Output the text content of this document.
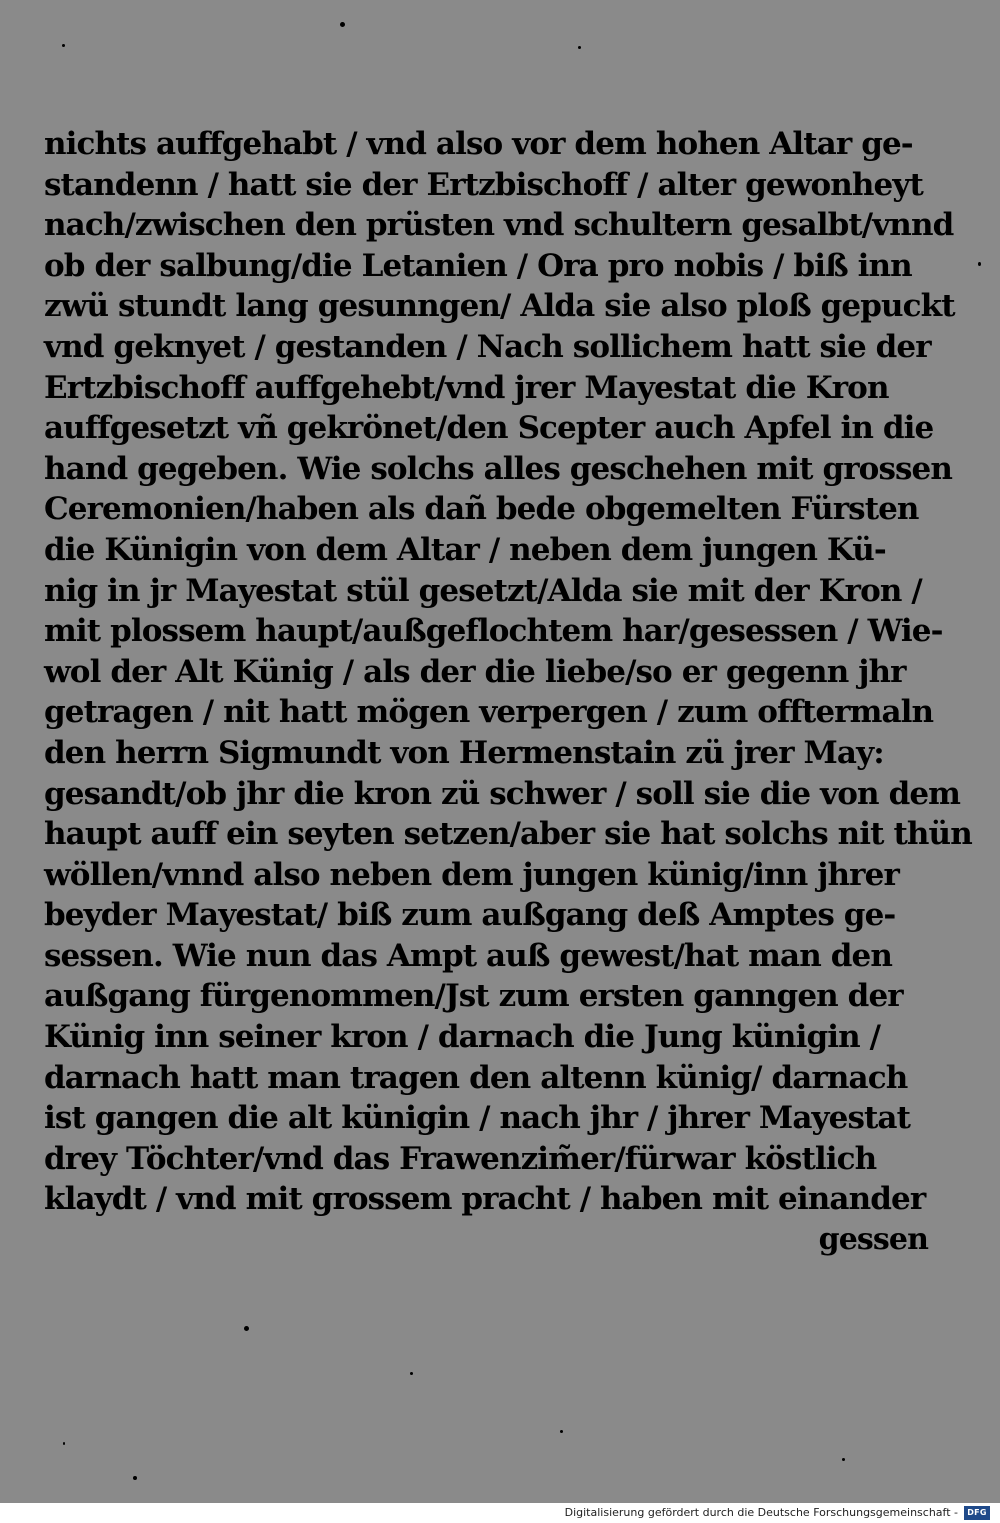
nichts auffgehabt / vnd also vor dem hohen Altar ge-
standenn / hatt sie der Ertzbischoff / alter gewonheyt
nach/zwischen den prüsten vnd schultern gesalbt/vnnd
ob der salbung/die Letanien / Ora pro nobis / biß inn
zwü stundt lang gesunngen/ Alda sie also ploß gepuckt
vnd geknyet / gestanden / Nach sollichem hatt sie der
Ertzbischoff auffgehebt/vnd jrer Mayestat die Kron
auffgesetzt vñ gekrönet/den Scepter auch Apfel in die
hand gegeben. Wie solchs alles geschehen mit grossen
Ceremonien/haben als dañ bede obgemelten Fürsten
die Künigin von dem Altar / neben dem jungen Kü-
nig in jr Mayestat stül gesetzt/Alda sie mit der Kron /
mit plossem haupt/außgeflochtem har/gesessen / Wie-
wol der Alt Künig / als der die liebe/so er gegenn jhr
getragen / nit hatt mögen verpergen / zum offtermaln
den herrn Sigmundt von Hermenstain zü jrer May:
gesandt/ob jhr die kron zü schwer / soll sie die von dem
haupt auff ein seyten setzen/aber sie hat solchs nit thün
wöllen/vnnd also neben dem jungen künig/inn jhrer
beyder Mayestat/ biß zum außgang deß Amptes ge-
sessen. Wie nun das Ampt auß gewest/hat man den
außgang fürgenommen/Jst zum ersten ganngen der
Künig inn seiner kron / darnach die Jung künigin /
darnach hatt man tragen den altenn künig/ darnach
ist gangen die alt künigin / nach jhr / jhrer Mayestat
drey Töchter/vnd das Frawenzim̃er/fürwar köstlich
klaydt / vnd mit grossem pracht / haben mit einander
gessen
Digitalisierung gefördert durch die Deutsche Forschungsgemeinschaft -	DFG
